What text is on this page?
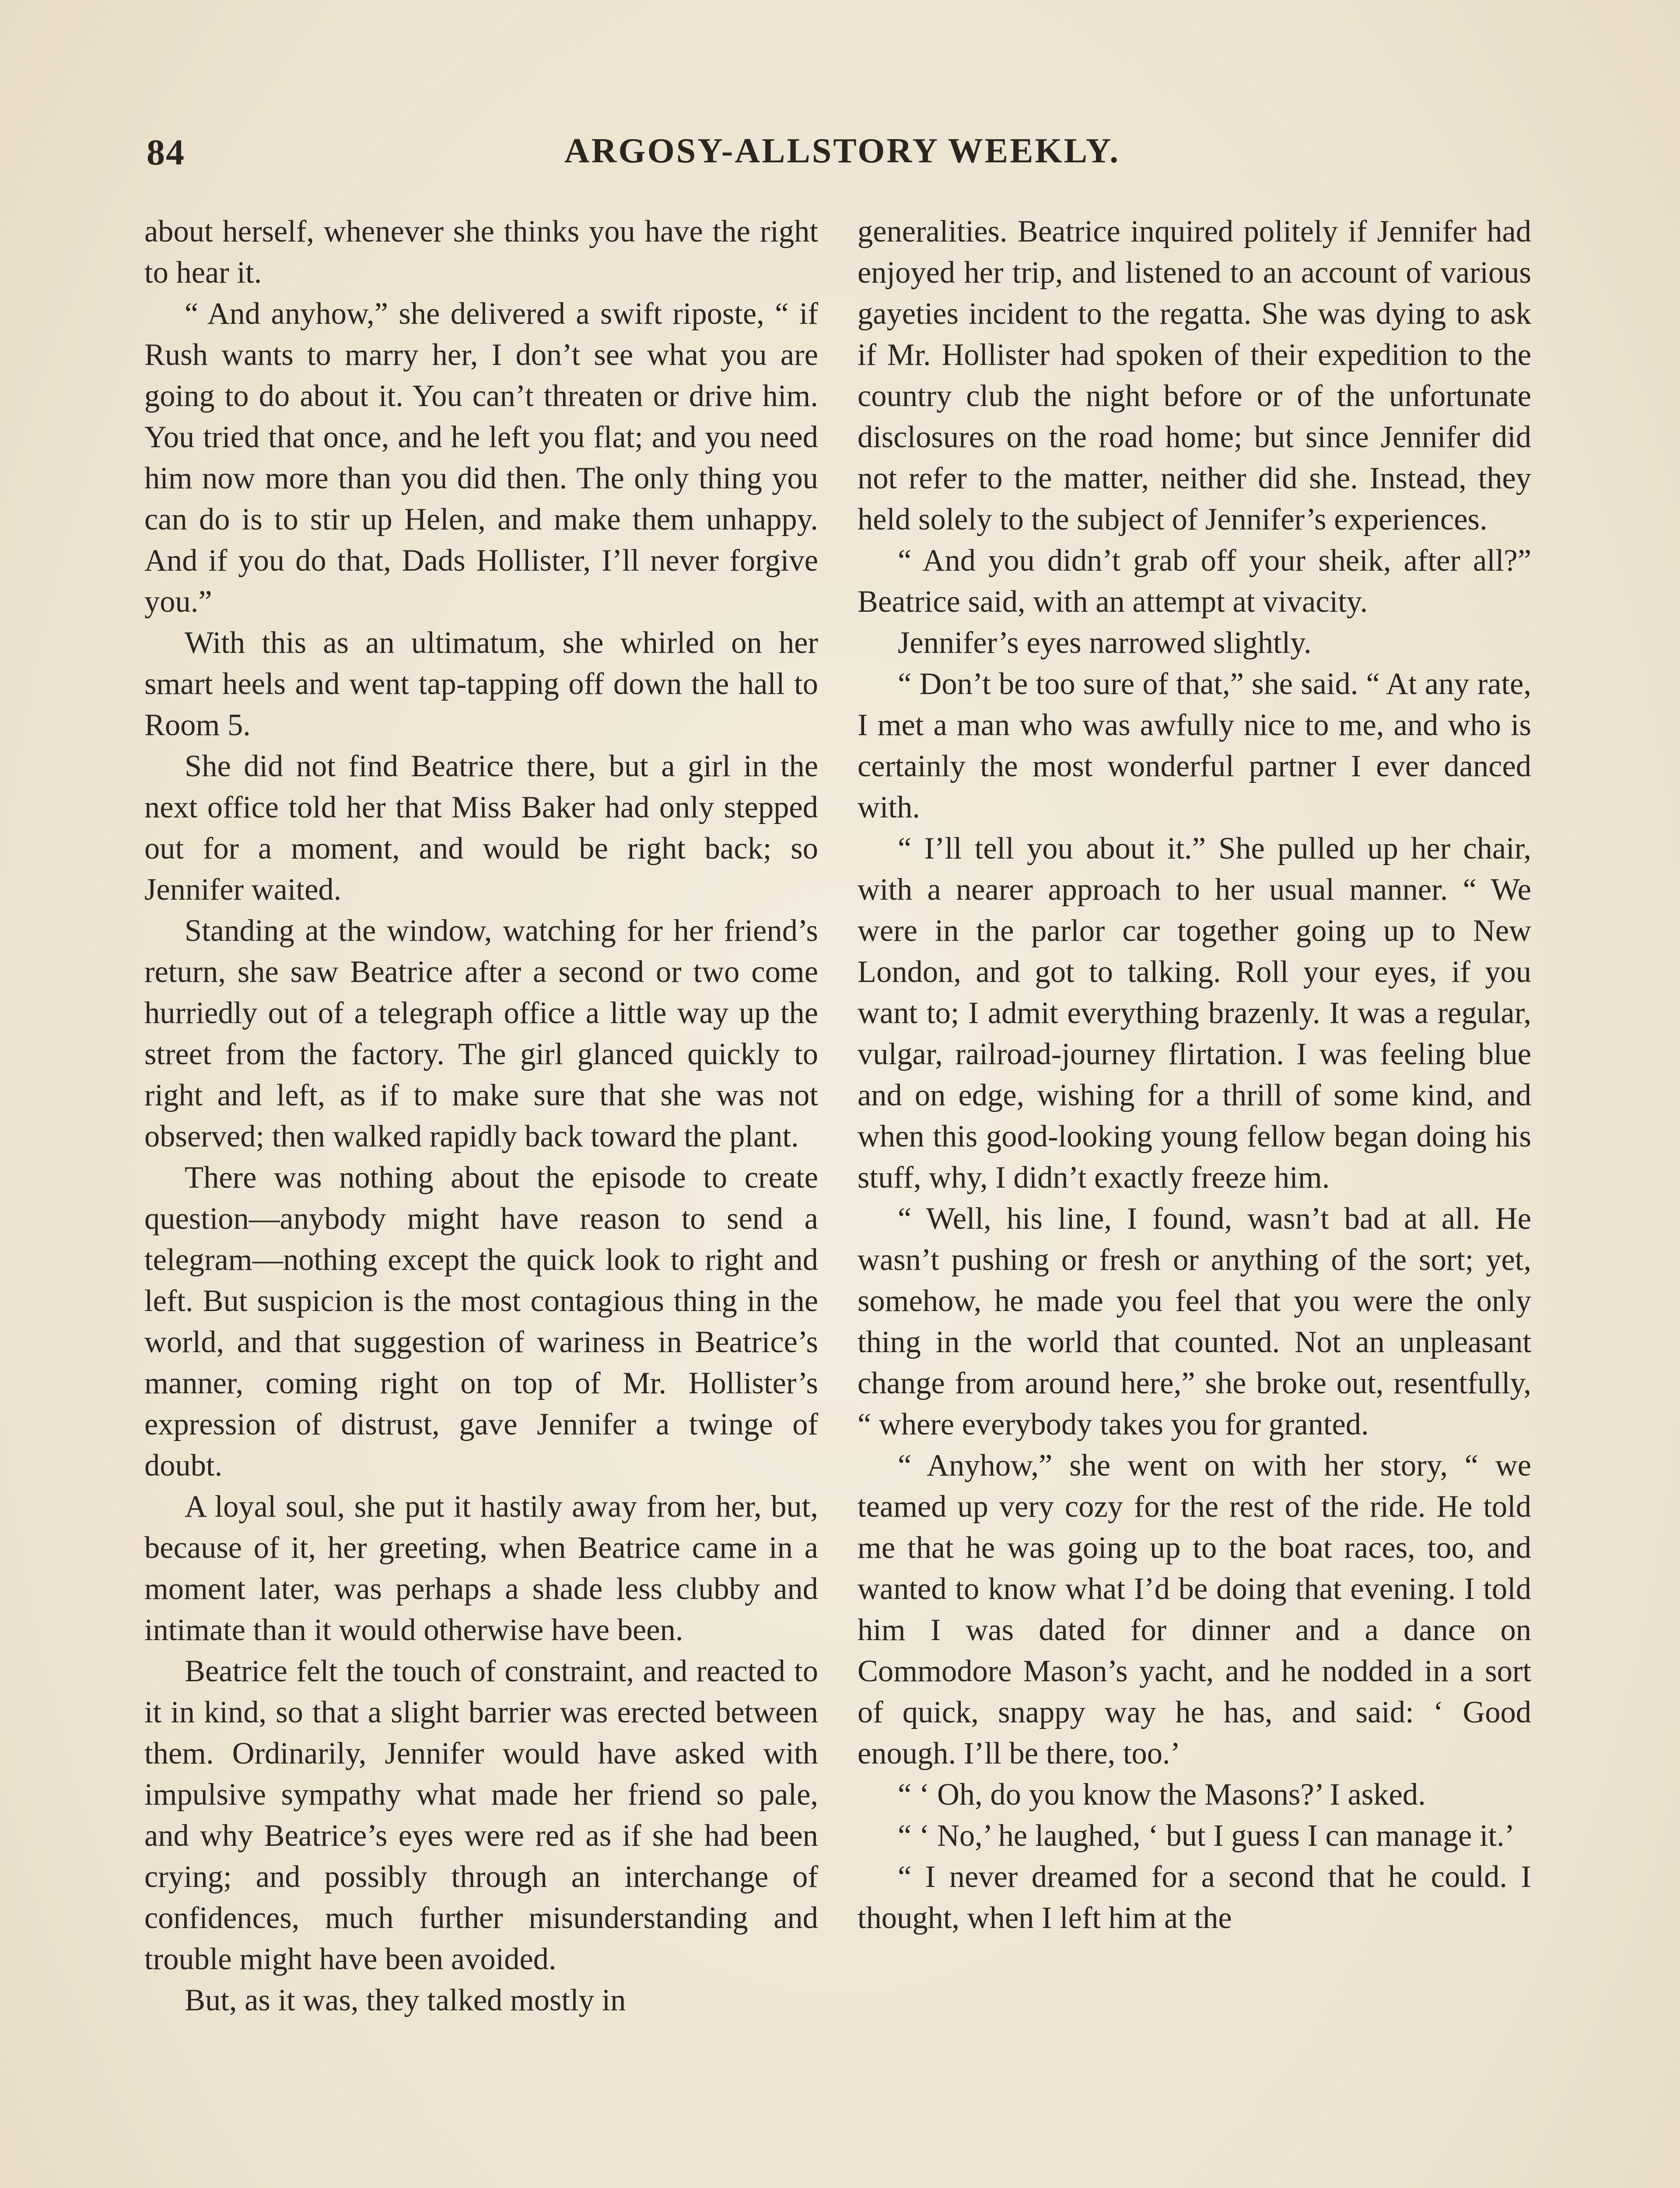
84	ARGOSY-ALLSTORY WEEKLY.

about herself, whenever she thinks you have the right to hear it.

“ And anyhow,” she delivered a swift riposte, “ if Rush wants to marry her, I don’t see what you are going to do about it. You can’t threaten or drive him. You tried that once, and he left you flat; and you need him now more than you did then. The only thing you can do is to stir up Helen, and make them unhappy. And if you do that, Dads Hollister, I’ll never forgive you.”

With this as an ultimatum, she whirled on her smart heels and went tap-tapping off down the hall to Room 5.

She did not find Beatrice there, but a girl in the next office told her that Miss Baker had only stepped out for a moment, and would be right back; so Jennifer waited.

Standing at the window, watching for her friend’s return, she saw Beatrice after a second or two come hurriedly out of a telegraph office a little way up the street from the factory. The girl glanced quickly to right and left, as if to make sure that she was not observed; then walked rapidly back toward the plant.

There was nothing about the episode to create question—anybody might have reason to send a telegram—nothing except the quick look to right and left. But suspicion is the most contagious thing in the world, and that suggestion of wariness in Beatrice’s manner, coming right on top of Mr. Hollister’s expression of distrust, gave Jennifer a twinge of doubt.

A loyal soul, she put it hastily away from her, but, because of it, her greeting, when Beatrice came in a moment later, was perhaps a shade less clubby and intimate than it would otherwise have been.

Beatrice felt the touch of constraint, and reacted to it in kind, so that a slight barrier was erected between them. Ordinarily, Jennifer would have asked with impulsive sympathy what made her friend so pale, and why Beatrice’s eyes were red as if she had been crying; and possibly through an interchange of confidences, much further misunderstanding and trouble might have been avoided.

But, as it was, they talked mostly in

generalities. Beatrice inquired politely if Jennifer had enjoyed her trip, and listened to an account of various gayeties incident to the regatta. She was dying to ask if Mr. Hollister had spoken of their expedition to the country club the night before or of the unfortunate disclosures on the road home; but since Jennifer did not refer to the matter, neither did she. Instead, they held solely to the subject of Jennifer’s experiences.

“ And you didn’t grab off your sheik, after all?” Beatrice said, with an attempt at vivacity.

Jennifer’s eyes narrowed slightly.

“ Don’t be too sure of that,” she said. “ At any rate, I met a man who was awfully nice to me, and who is certainly the most wonderful partner I ever danced with.

“ I’ll tell you about it.” She pulled up her chair, with a nearer approach to her usual manner. “ We were in the parlor car together going up to New London, and got to talking. Roll your eyes, if you want to; I admit everything brazenly. It was a regular, vulgar, railroad-journey flirtation. I was feeling blue and on edge, wishing for a thrill of some kind, and when this good-looking young fellow began doing his stuff, why, I didn’t exactly freeze him.

“ Well, his line, I found, wasn’t bad at all. He wasn’t pushing or fresh or anything of the sort; yet, somehow, he made you feel that you were the only thing in the world that counted. Not an unpleasant change from around here,” she broke out, resentfully, “ where everybody takes you for granted.

“ Anyhow,” she went on with her story, “ we teamed up very cozy for the rest of the ride. He told me that he was going up to the boat races, too, and wanted to know what I’d be doing that evening. I told him I was dated for dinner and a dance on Commodore Mason’s yacht, and he nodded in a sort of quick, snappy way he has, and said: ‘ Good enough. I’ll be there, too.’

“ ‘ Oh, do you know the Masons?’ I asked.

“ ‘ No,’ he laughed, ‘ but I guess I can manage it.’

“ I never dreamed for a second that he could. I thought, when I left him at the
